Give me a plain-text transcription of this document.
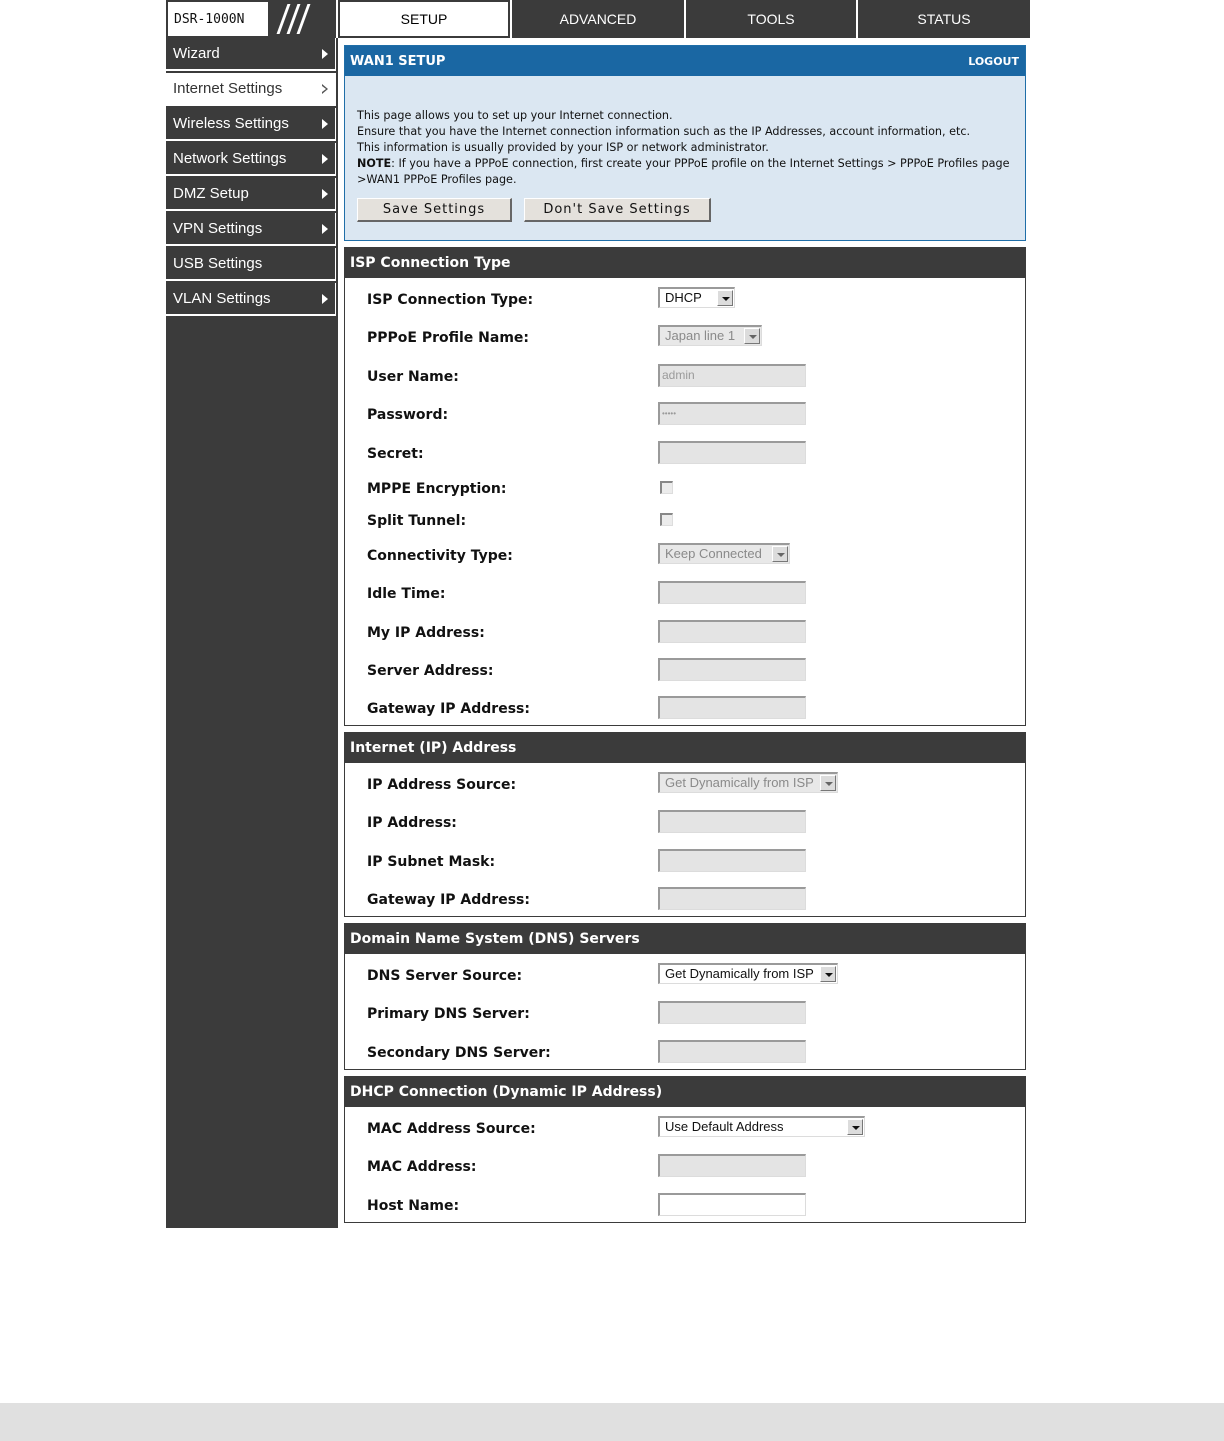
DSR-1000N	SETUP	ADVANCED	TOOLS	STATUS
Wizard
Internet Settings
Wireless Settings
Network Settings
DMZ Setup
VPN Settings
USB Settings
VLAN Settings
WAN1 SETUP	LOGOUT
This page allows you to set up your Internet connection.
Ensure that you have the Internet connection information such as the IP Addresses, account information, etc.
This information is usually provided by your ISP or network administrator.
NOTE: If you have a PPPoE connection, first create your PPPoE profile on the Internet Settings > PPPoE Profiles page >WAN1 PPPoE Profiles page.
Save Settings	Don't Save Settings
ISP Connection Type
ISP Connection Type:	DHCP
PPPoE Profile Name:	Japan line 1
User Name:	admin
Password:	•••••
Secret:
MPPE Encryption:
Split Tunnel:
Connectivity Type:	Keep Connected
Idle Time:
My IP Address:
Server Address:
Gateway IP Address:
Internet (IP) Address
IP Address Source:	Get Dynamically from ISP
IP Address:
IP Subnet Mask:
Gateway IP Address:
Domain Name System (DNS) Servers
DNS Server Source:	Get Dynamically from ISP
Primary DNS Server:
Secondary DNS Server:
DHCP Connection (Dynamic IP Address)
MAC Address Source:	Use Default Address
MAC Address:
Host Name:
